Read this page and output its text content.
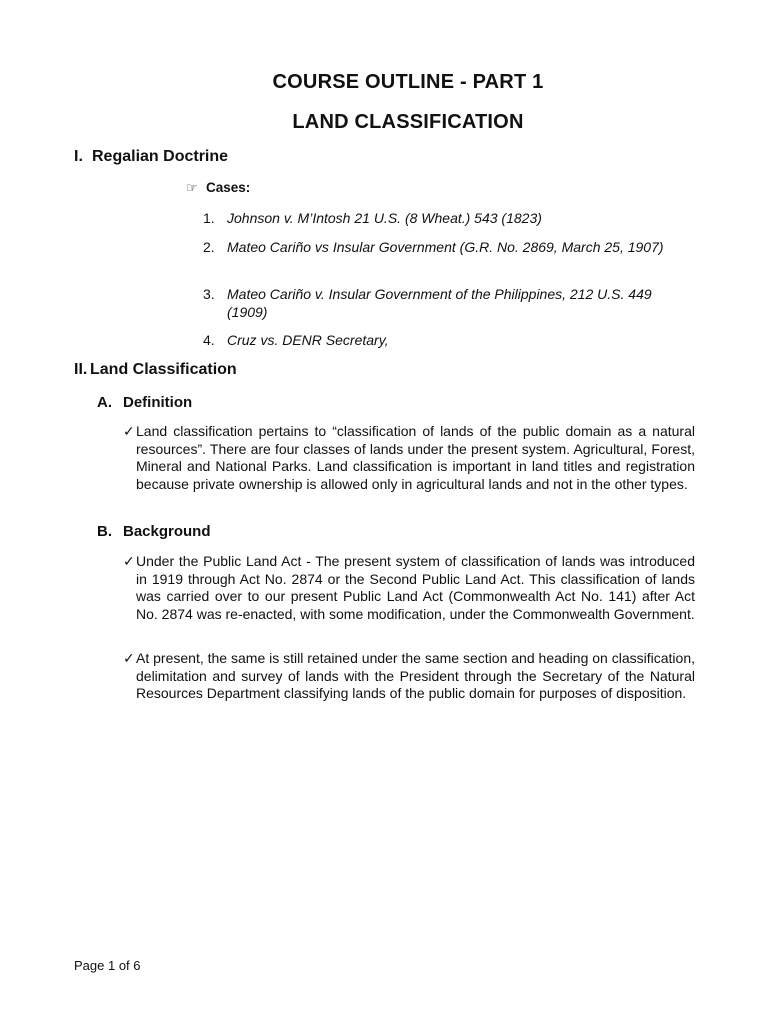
COURSE OUTLINE - PART 1
LAND CLASSIFICATION
I. Regalian Doctrine
☞ Cases:
1. Johnson v. M’Intosh 21 U.S. (8 Wheat.) 543 (1823)
2. Mateo Cariño vs Insular Government (G.R. No. 2869, March 25, 1907)
3. Mateo Cariño v. Insular Government of the Philippines, 212 U.S. 449 (1909)
4. Cruz vs. DENR Secretary,
II. Land Classification
A. Definition
✓ Land classification pertains to “classification of lands of the public domain as a natural resources”. There are four classes of lands under the present system. Agricultural, Forest, Mineral and National Parks. Land classification is important in land titles and registration because private ownership is allowed only in agricultural lands and not in the other types.
B. Background
✓ Under the Public Land Act - The present system of classification of lands was introduced in 1919 through Act No. 2874 or the Second Public Land Act. This classification of lands was carried over to our present Public Land Act (Commonwealth Act No. 141) after Act No. 2874 was re-enacted, with some modification, under the Commonwealth Government.
✓ At present, the same is still retained under the same section and heading on classification, delimitation and survey of lands with the President through the Secretary of the Natural Resources Department classifying lands of the public domain for purposes of disposition.
Page 1 of 6
